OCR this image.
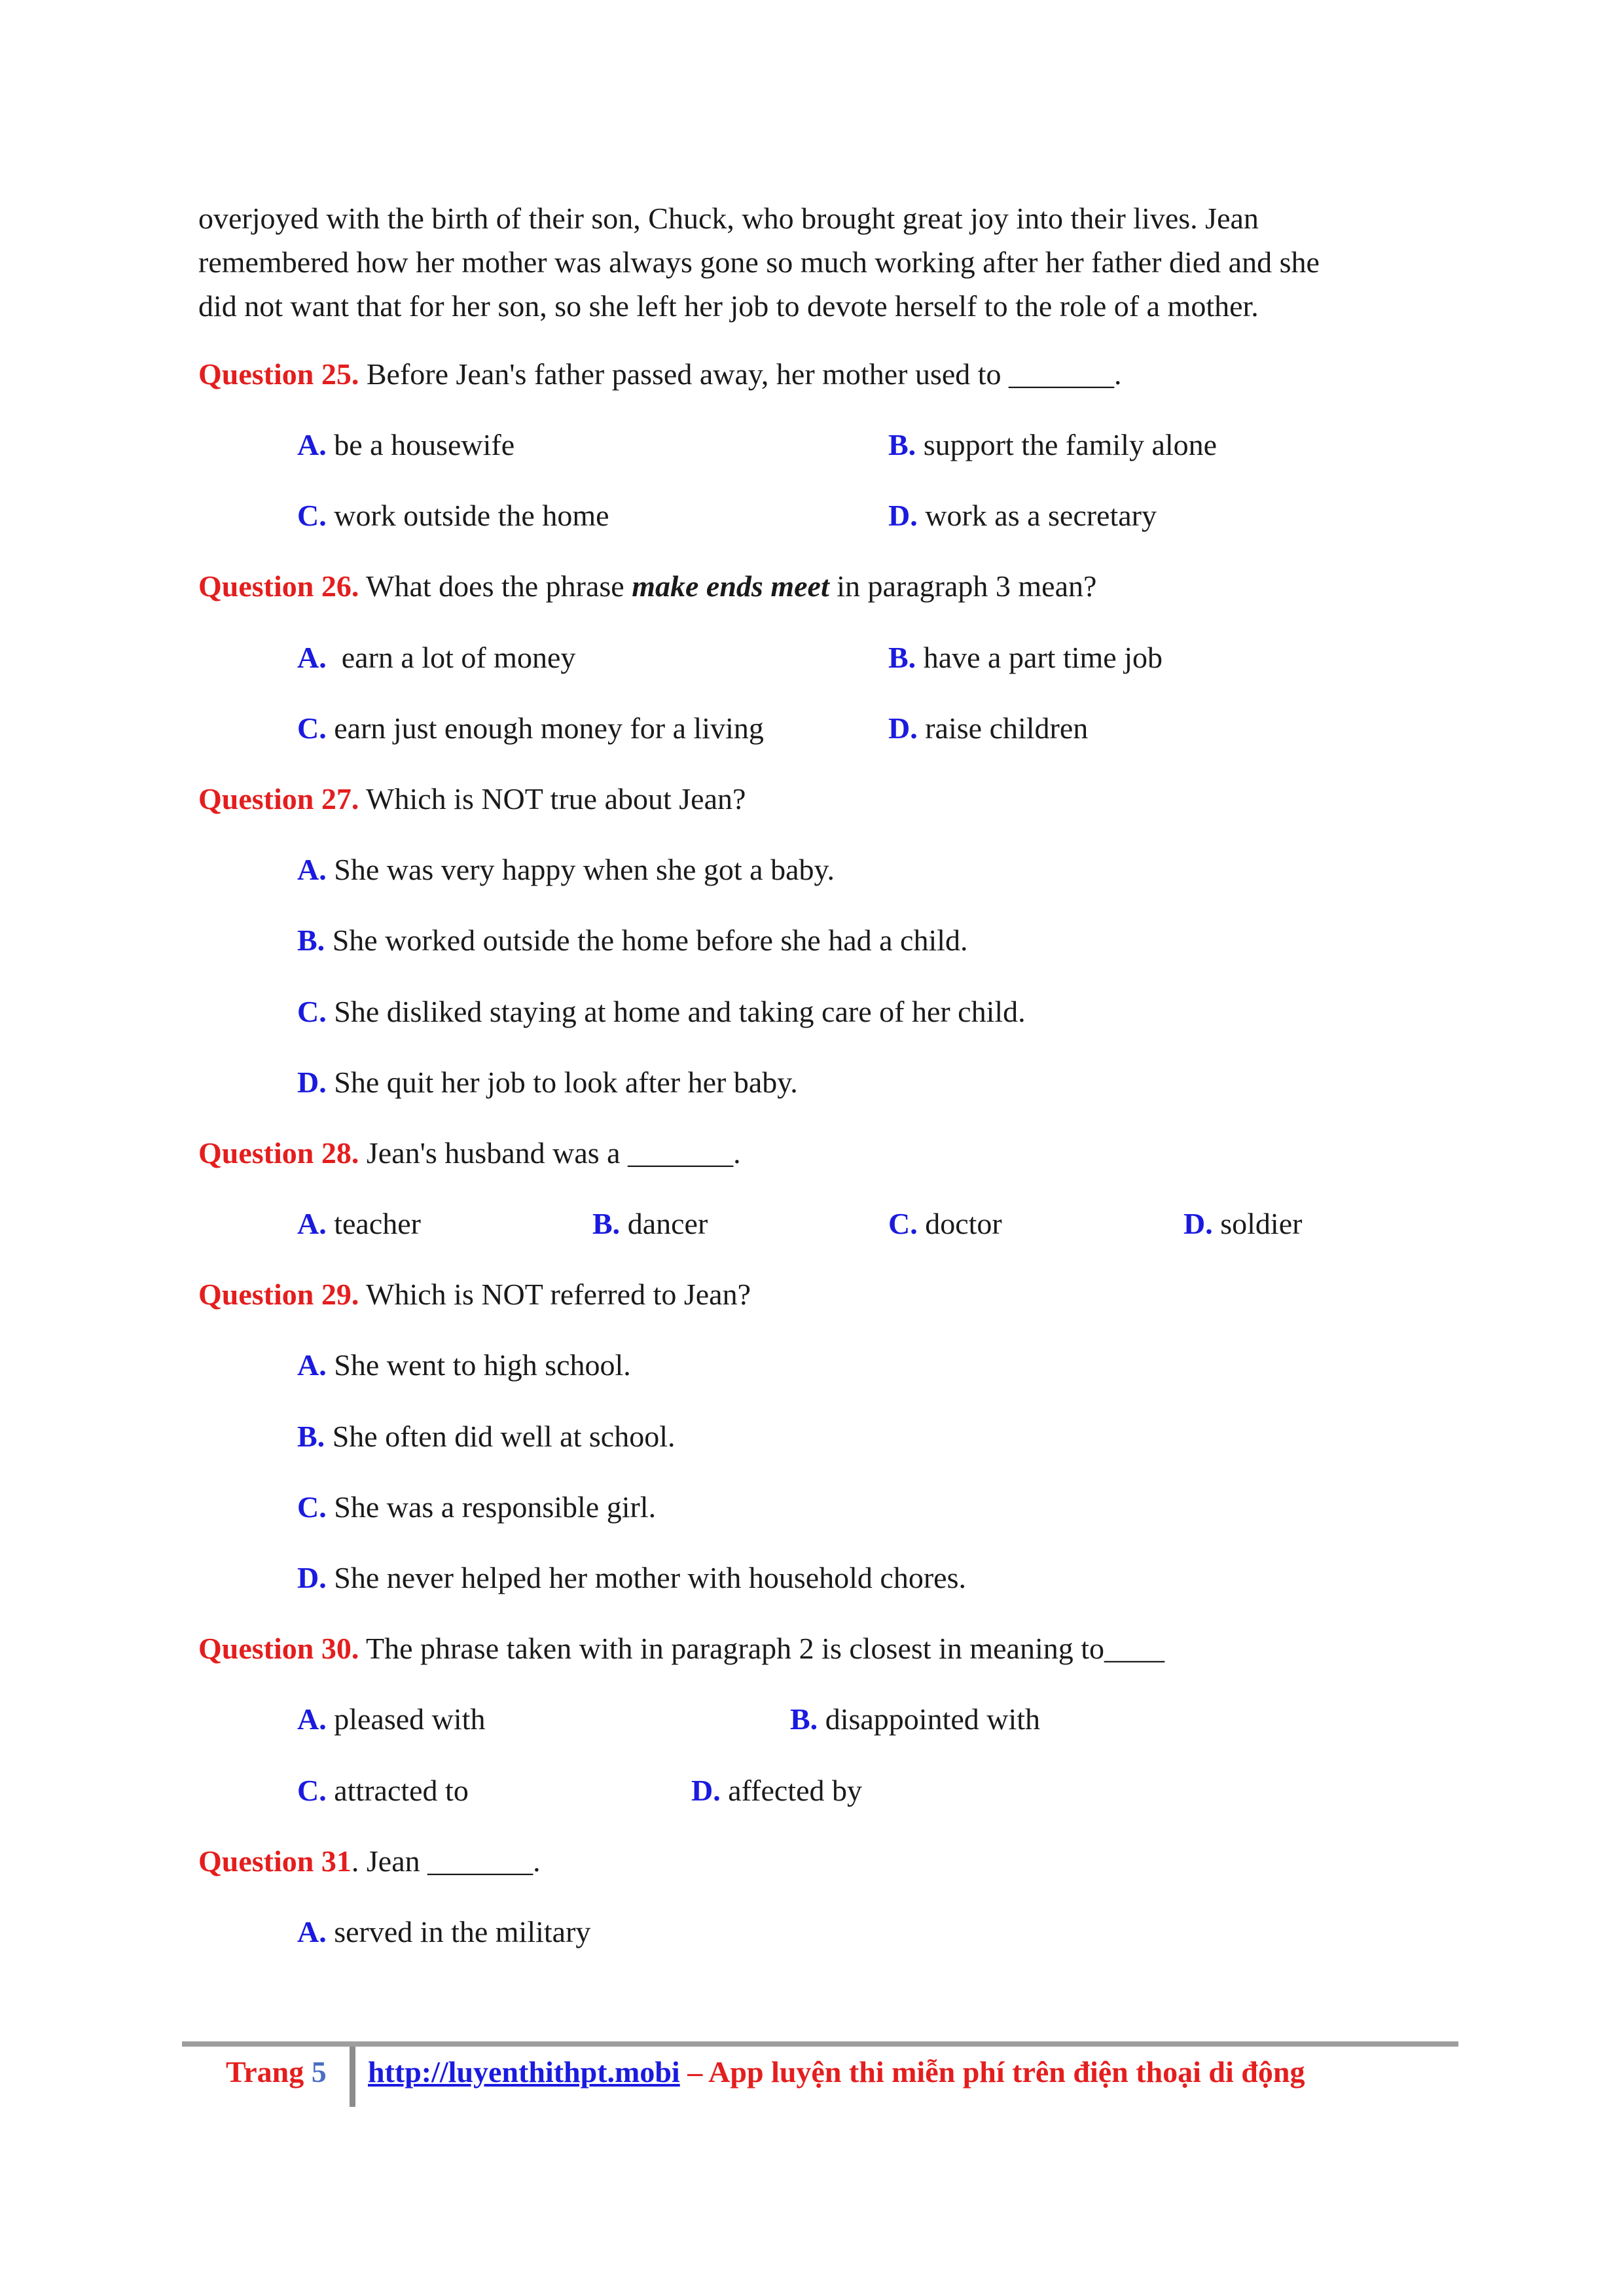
overjoyed with the birth of their son, Chuck, who brought great joy into their lives. Jean

remembered how her mother was always gone so much working after her father died and she

did not want that for her son, so she left her job to devote herself to the role of a mother.

Question 25. Before Jean's father passed away, her mother used to _______.
A. be a housewife	B. support the family alone
C. work outside the home	D. work as a secretary
Question 26. What does the phrase make ends meet in paragraph 3 mean?
A.  earn a lot of money	B. have a part time job
C. earn just enough money for a living	D. raise children
Question 27. Which is NOT true about Jean?
A. She was very happy when she got a baby.
B. She worked outside the home before she had a child.
C. She disliked staying at home and taking care of her child.
D. She quit her job to look after her baby.
Question 28. Jean's husband was a _______.
A. teacher	B. dancer	C. doctor	D. soldier
Question 29. Which is NOT referred to Jean?
A. She went to high school.
B. She often did well at school.
C. She was a responsible girl.
D. She never helped her mother with household chores.
Question 30. The phrase taken with in paragraph 2 is closest in meaning to____
A. pleased with	B. disappointed with
C. attracted to	D. affected by
Question 31. Jean _______.
A. served in the military
Trang 5 http://luyenthithpt.mobi – App luyện thi miễn phí trên điện thoại di động
